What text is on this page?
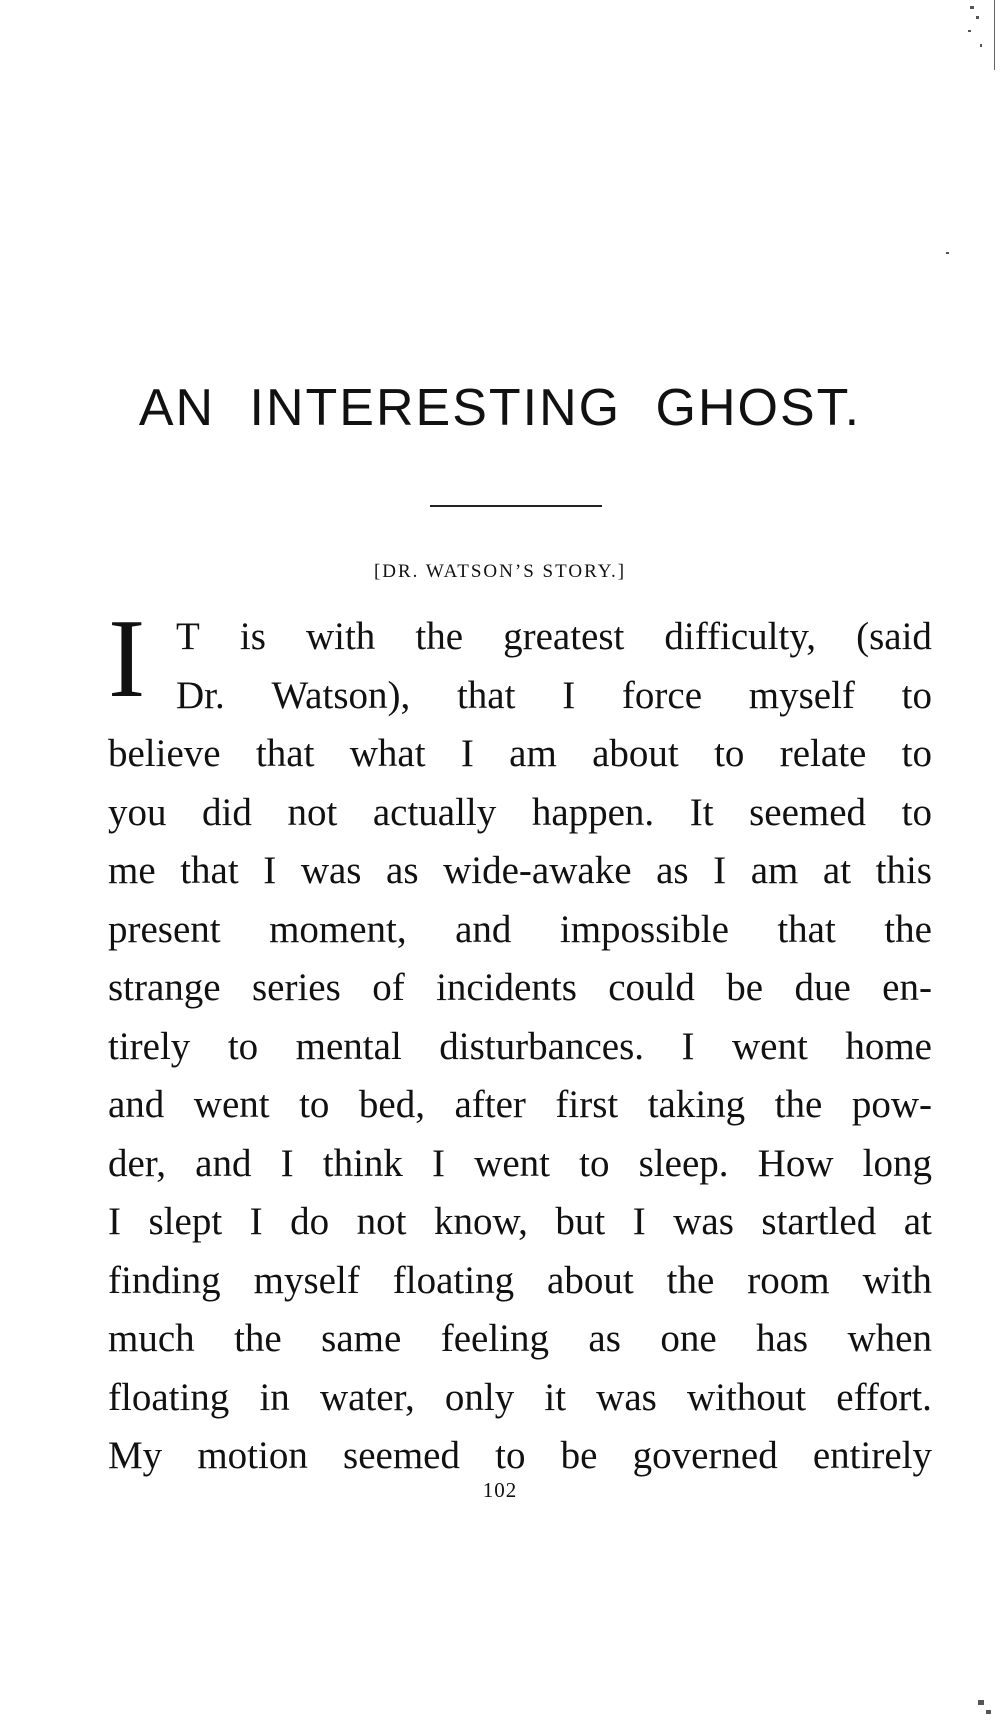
AN INTERESTING GHOST.

[DR. WATSON’S STORY.]

I T is with the greatest difficulty, (said
Dr. Watson), that I force myself to
believe that what I am about to relate to
you did not actually happen. It seemed to
me that I was as wide-awake as I am at this
present moment, and impossible that the
strange series of incidents could be due en-
tirely to mental disturbances. I went home
and went to bed, after first taking the pow-
der, and I think I went to sleep. How long
I slept I do not know, but I was startled at
finding myself floating about the room with
much the same feeling as one has when
floating in water, only it was without effort.
My motion seemed to be governed entirely

102
